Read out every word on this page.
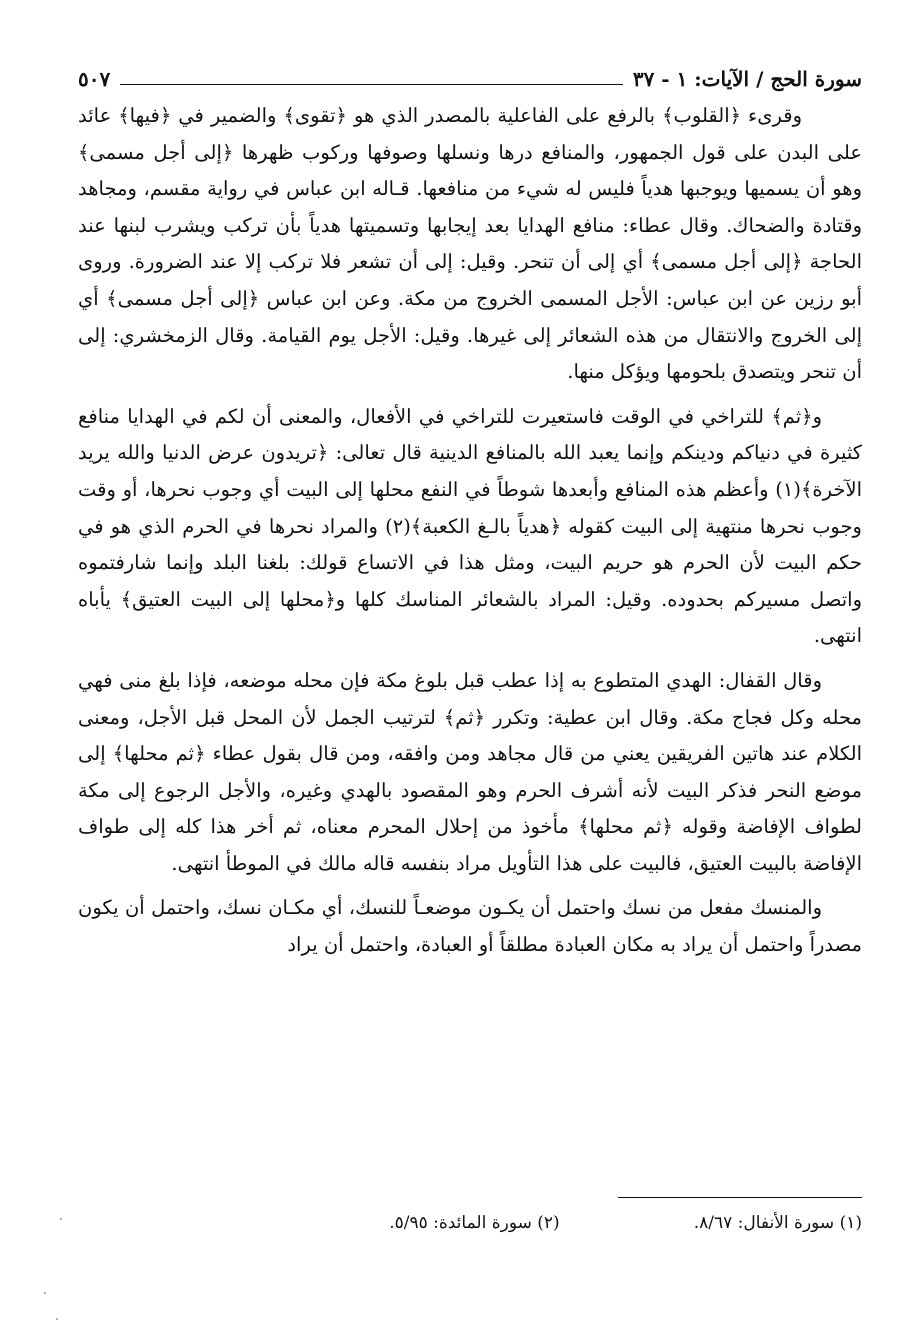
سورة الحج / الآيات: ١ - ٣٧
٥٠٧

وقرىء ﴿القلوب﴾ بالرفع على الفاعلية بالمصدر الذي هو ﴿تقوى﴾ والضمير في ﴿فيها﴾ عائد على البدن على قول الجمهور، والمنافع درها ونسلها وصوفها وركوب ظهرها ﴿إلى أجل مسمى﴾ وهو أن يسميها ويوجبها هدياً فليس له شيء من منافعها. قـاله ابن عباس في رواية مقسم، ومجاهد وقتادة والضحاك. وقال عطاء: منافع الهدايا بعد إيجابها وتسميتها هدياً بأن تركب ويشرب لبنها عند الحاجة ﴿إلى أجل مسمى﴾ أي إلى أن تنحر. وقيل: إلى أن تشعر فلا تركب إلا عند الضرورة. وروى أبو رزين عن ابن عباس: الأجل المسمى الخروج من مكة. وعن ابن عباس ﴿إلى أجل مسمى﴾ أي إلى الخروج والانتقال من هذه الشعائر إلى غيرها. وقيل: الأجل يوم القيامة. وقال الزمخشري: إلى أن تنحر ويتصدق بلحومها ويؤكل منها.

و﴿ثم﴾ للتراخي في الوقت فاستعيرت للتراخي في الأفعال، والمعنى أن لكم في الهدايا منافع كثيرة في دنياكم ودينكم وإنما يعبد الله بالمنافع الدينية قال تعالى: ﴿تريدون عرض الدنيا والله يريد الآخرة﴾(١) وأعظم هذه المنافع وأبعدها شوطاً في النفع محلها إلى البيت أي وجوب نحرها، أو وقت وجوب نحرها منتهية إلى البيت كقوله ﴿هدياً بالـغ الكعبة﴾(٢) والمراد نحرها في الحرم الذي هو في حكم البيت لأن الحرم هو حريم البيت، ومثل هذا في الاتساع قولك: بلغنا البلد وإنما شارفتموه واتصل مسيركم بحدوده. وقيل: المراد بالشعائر المناسك كلها و﴿محلها إلى البيت العتيق﴾ يأباه انتهى.

وقال القفال: الهدي المتطوع به إذا عطب قبل بلوغ مكة فإن محله موضعه، فإذا بلغ منى فهي محله وكل فجاج مكة. وقال ابن عطية: وتكرر ﴿ثم﴾ لترتيب الجمل لأن المحل قبل الأجل، ومعنى الكلام عند هاتين الفريقين يعني من قال مجاهد ومن وافقه، ومن قال بقول عطاء ﴿ثم محلها﴾ إلى موضع النحر فذكر البيت لأنه أشرف الحرم وهو المقصود بالهدي وغيره، والأجل الرجوع إلى مكة لطواف الإفاضة وقوله ﴿ثم محلها﴾ مأخوذ من إحلال المحرم معناه، ثم أخر هذا كله إلى طواف الإفاضة بالبيت العتيق، فالبيت على هذا التأويل مراد بنفسه قاله مالك في الموطأ انتهى.

والمنسك مفعل من نسك واحتمل أن يكـون موضعـاً للنسك، أي مكـان نسك، واحتمل أن يكون مصدراً واحتمل أن يراد به مكان العبادة مطلقاً أو العبادة، واحتمل أن يراد

(١) سورة الأنفال: ٨/٦٧.
(٢) سورة المائدة: ٥/٩٥.
